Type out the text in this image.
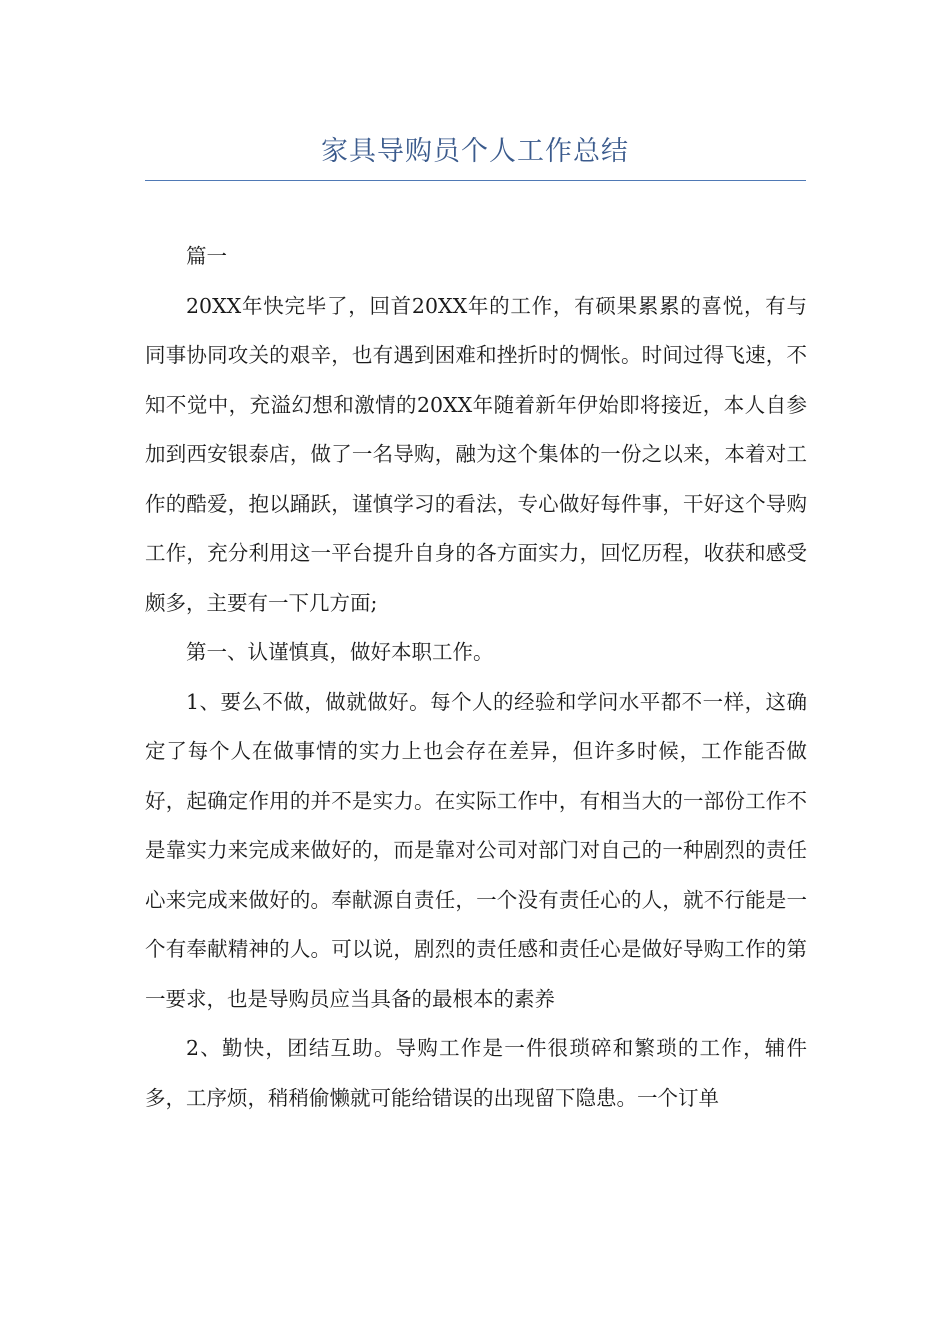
家具导购员个人工作总结

篇一

20XX年快完毕了，回首20XX年的工作，有硕果累累的喜悦，有与同事协同攻关的艰辛，也有遇到困难和挫折时的惆怅。时间过得飞速，不知不觉中，充溢幻想和激情的20XX年随着新年伊始即将接近，本人自参加到西安银泰店，做了一名导购，融为这个集体的一份之以来，本着对工作的酷爱，抱以踊跃，谨慎学习的看法，专心做好每件事，干好这个导购工作，充分利用这一平台提升自身的各方面实力，回忆历程，收获和感受颇多，主要有一下几方面;

第一、认谨慎真，做好本职工作。

1、要么不做，做就做好。每个人的经验和学问水平都不一样，这确定了每个人在做事情的实力上也会存在差异，但许多时候，工作能否做好，起确定作用的并不是实力。在实际工作中，有相当大的一部份工作不是靠实力来完成来做好的，而是靠对公司对部门对自己的一种剧烈的责任心来完成来做好的。奉献源自责任，一个没有责任心的人，就不行能是一个有奉献精神的人。可以说，剧烈的责任感和责任心是做好导购工作的第一要求，也是导购员应当具备的最根本的素养

2、勤快，团结互助。导购工作是一件很琐碎和繁琐的工作，辅件多，工序烦，稍稍偷懒就可能给错误的出现留下隐患。一个订单
